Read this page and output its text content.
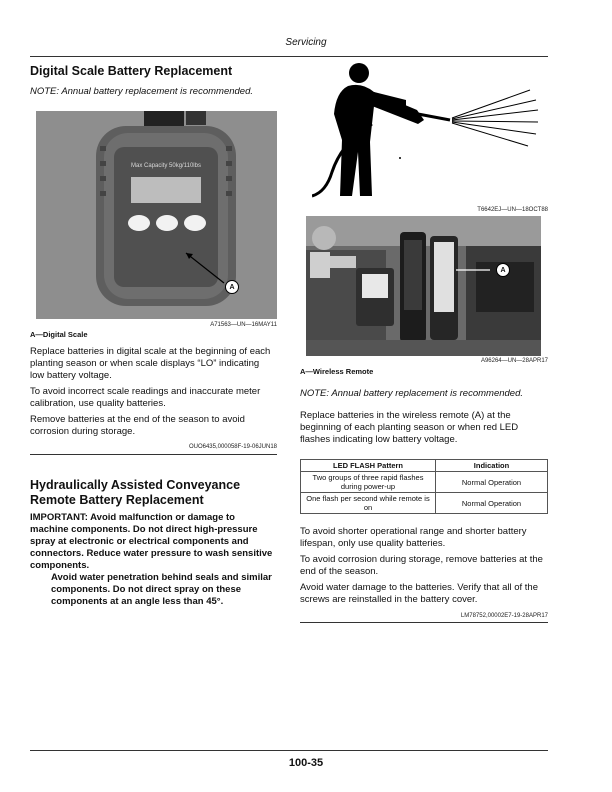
Servicing
Digital Scale Battery Replacement
NOTE: Annual battery replacement is recommended.
Max Capacity 50kg/110lbs
A
A71563—UN—16MAY11
A—Digital Scale

Replace batteries in digital scale at the beginning of each planting season or when scale displays “LO” indicating low battery voltage.

To avoid incorrect scale readings and inaccurate meter calibration, use quality batteries.

Remove batteries at the end of the season to avoid corrosion during storage.

OUO6435,000058F-19-06JUN18
Hydraulically Assisted Conveyance Remote Battery Replacement
IMPORTANT: Avoid malfunction or damage to machine components. Do not direct high-pressure spray at electronic or electrical components and connectors. Reduce water pressure to wash sensitive components.
Avoid water penetration behind seals and similar components. Do not direct spray on these components at an angle less than 45°.
T6642EJ—UN—18OCT88
A
A96264—UN—28APR17
A—Wireless Remote
NOTE: Annual battery replacement is recommended.

Replace batteries in the wireless remote (A) at the beginning of each planting season or when red LED flashes indicating low battery voltage.

LED FLASH Pattern	Indication
Two groups of three rapid flashes during power-up	Normal Operation
One flash per second while remote is on	Normal Operation

To avoid shorter operational range and shorter battery lifespan, only use quality batteries.

To avoid corrosion during storage, remove batteries at the end of the season.

Avoid water damage to the batteries. Verify that all of the screws are reinstalled in the battery cover.

LM78752,00002E7-19-28APR17
100-35
